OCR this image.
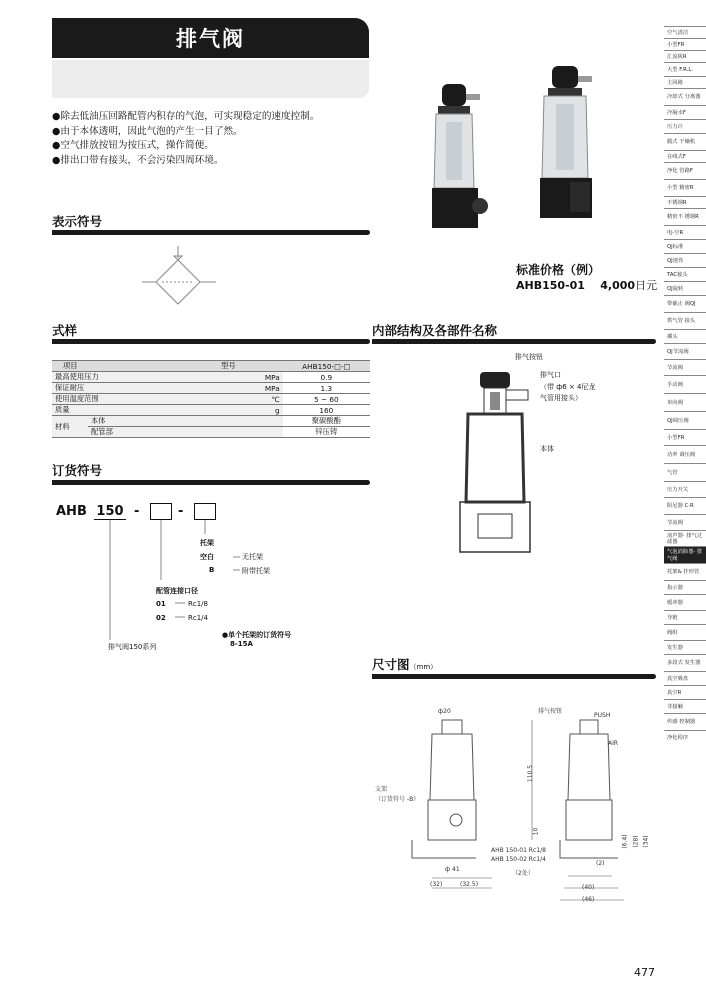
排气阀
●除去低油压回路配管内积存的气泡，可实现稳定的速度控制。
●由于本体透明，因此气泡的产生一目了然。
●空气排放按钮为按压式，操作简便。
●排出口带有接头，不会污染四周环境。
表示符号
标准价格（例）
AHB150-01 4,000日元
式样
项目 型号			AHB150-□-□
最高使用压力		MPa	0.9
保证耐压		MPa	1.3
使用温度范围		℃	5 ~ 60
质量		g	160
材料	本体		聚碳酸酯
	配管部		锌压铸
订货符号
AHB 150 -	-
托架
空白	无托架
B	附带托架
配管连接口径
01	Rc1/8
02	Rc1/4
排气阀150系列
●单个托架的订货符号
8-15A
内部结构及各部件名称
排气按钮
排气口
（带 ф6 × 4尼龙
气管用接头）
本体
尺寸图（mm）
ф20
支架
（订货符号 -B）
ф 41
(32)	(32.5)
AHB 150-01 Rc1/8
AHB 150-02 Rc1/4
（2处）
110.5
排气按钮
PUSH
AIR
10
(6.4) (28) (34)
(2)
(40)
(46)
空气清洁
小型FR
汇流板R
大型 F.R.L.
主回路
冷却式 分离器
冷凝水F
压力计
膜式 干燥机
在线式F
净化 管路F
小型 精密R
不锈钢R
精密不 锈钢R
电-空R
QJ标准
QJ迷你
TAC接头
QJ旋转
带截止 阀QJ
供气管 接头
插头
QJ节流阀
节流阀
手动阀
单向阀
QJ调压阀
小型FR
功率 调压阀
气管
压力开关
阻尼器 C·R
节流阀
消声器· 排气过滤器
气泡消除器· 排气阀
托架& 挂形管
指示器
缓冲器
导链
阀组
发生器
多段式 发生器
真空吸盘
真空R
非接触
传感 控制器
净化程序
477
